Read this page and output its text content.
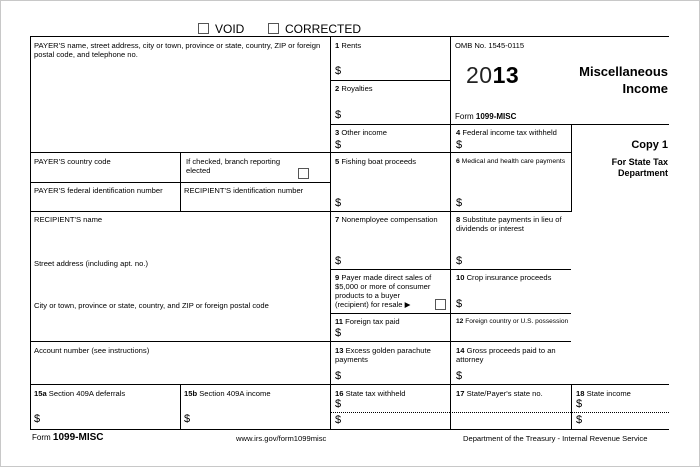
VOID	CORRECTED
PAYER'S name, street address, city or town, province or state, country, ZIP or foreign postal code, and telephone no.
PAYER'S country code	If checked, branch reporting elected
PAYER'S federal identification number	RECIPIENT'S identification number
RECIPIENT'S name
Street address (including apt. no.)
City or town, province or state, country, and ZIP or foreign postal code
Account number (see instructions)
15a Section 409A deferrals
$
15b Section 409A income
$
1 Rents
$
2 Royalties
$
OMB No. 1545-0115
2013
Form 1099-MISC
Miscellaneous
Income
Copy 1
For State Tax
Department
3 Other income
$
4 Federal income tax withheld
$
5 Fishing boat proceeds
$
6 Medical and health care payments
$
7 Nonemployee compensation
$
8 Substitute payments in lieu of dividends or interest
$
9 Payer made direct sales of $5,000 or more of consumer products to a buyer (recipient) for resale ▶
10 Crop insurance proceeds
$
11 Foreign tax paid
$
12 Foreign country or U.S. possession
13 Excess golden parachute payments
$
14 Gross proceeds paid to an attorney
$
16 State tax withheld
$
$
17 State/Payer's state no.	18 State income
$
$
Form 1099-MISC	www.irs.gov/form1099misc	Department of the Treasury - Internal Revenue Service
